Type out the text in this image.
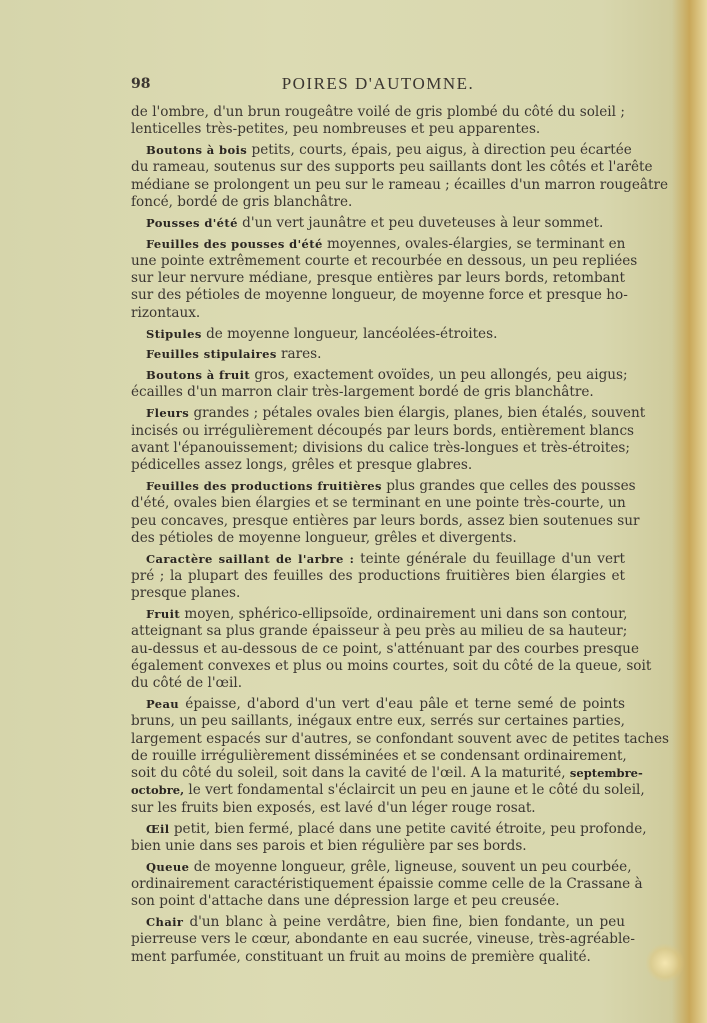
98	POIRES D'AUTOMNE.
de l'ombre, d'un brun rougeâtre voilé de gris plombé du côté du soleil ;
lenticelles très-petites, peu nombreuses et peu apparentes.
Boutons à bois petits, courts, épais, peu aigus, à direction peu écartée
du rameau, soutenus sur des supports peu saillants dont les côtés et l'arête
médiane se prolongent un peu sur le rameau ; écailles d'un marron rougeâtre
foncé, bordé de gris blanchâtre.
Pousses d'été d'un vert jaunâtre et peu duveteuses à leur sommet.
Feuilles des pousses d'été moyennes, ovales-élargies, se terminant en
une pointe extrêmement courte et recourbée en dessous, un peu repliées
sur leur nervure médiane, presque entières par leurs bords, retombant
sur des pétioles de moyenne longueur, de moyenne force et presque ho-
rizontaux.
Stipules de moyenne longueur, lancéolées-étroites.
Feuilles stipulaires rares.
Boutons à fruit gros, exactement ovoïdes, un peu allongés, peu aigus;
écailles d'un marron clair très-largement bordé de gris blanchâtre.
Fleurs grandes ; pétales ovales bien élargis, planes, bien étalés, souvent
incisés ou irrégulièrement découpés par leurs bords, entièrement blancs
avant l'épanouissement; divisions du calice très-longues et très-étroites;
pédicelles assez longs, grêles et presque glabres.
Feuilles des productions fruitières plus grandes que celles des pousses
d'été, ovales bien élargies et se terminant en une pointe très-courte, un
peu concaves, presque entières par leurs bords, assez bien soutenues sur
des pétioles de moyenne longueur, grêles et divergents.
Caractère saillant de l'arbre : teinte générale du feuillage d'un vert
pré ; la plupart des feuilles des productions fruitières bien élargies et
presque planes.
Fruit moyen, sphérico-ellipsoïde, ordinairement uni dans son contour,
atteignant sa plus grande épaisseur à peu près au milieu de sa hauteur;
au-dessus et au-dessous de ce point, s'atténuant par des courbes presque
également convexes et plus ou moins courtes, soit du côté de la queue, soit
du côté de l'œil.
Peau épaisse, d'abord d'un vert d'eau pâle et terne semé de points
bruns, un peu saillants, inégaux entre eux, serrés sur certaines parties,
largement espacés sur d'autres, se confondant souvent avec de petites taches
de rouille irrégulièrement disséminées et se condensant ordinairement,
soit du côté du soleil, soit dans la cavité de l'œil. A la maturité, septembre-
octobre, le vert fondamental s'éclaircit un peu en jaune et le côté du soleil,
sur les fruits bien exposés, est lavé d'un léger rouge rosat.
Œil petit, bien fermé, placé dans une petite cavité étroite, peu profonde,
bien unie dans ses parois et bien régulière par ses bords.
Queue de moyenne longueur, grêle, ligneuse, souvent un peu courbée,
ordinairement caractéristiquement épaissie comme celle de la Crassane à
son point d'attache dans une dépression large et peu creusée.
Chair d'un blanc à peine verdâtre, bien fine, bien fondante, un peu
pierreuse vers le cœur, abondante en eau sucrée, vineuse, très-agréable-
ment parfumée, constituant un fruit au moins de première qualité.
